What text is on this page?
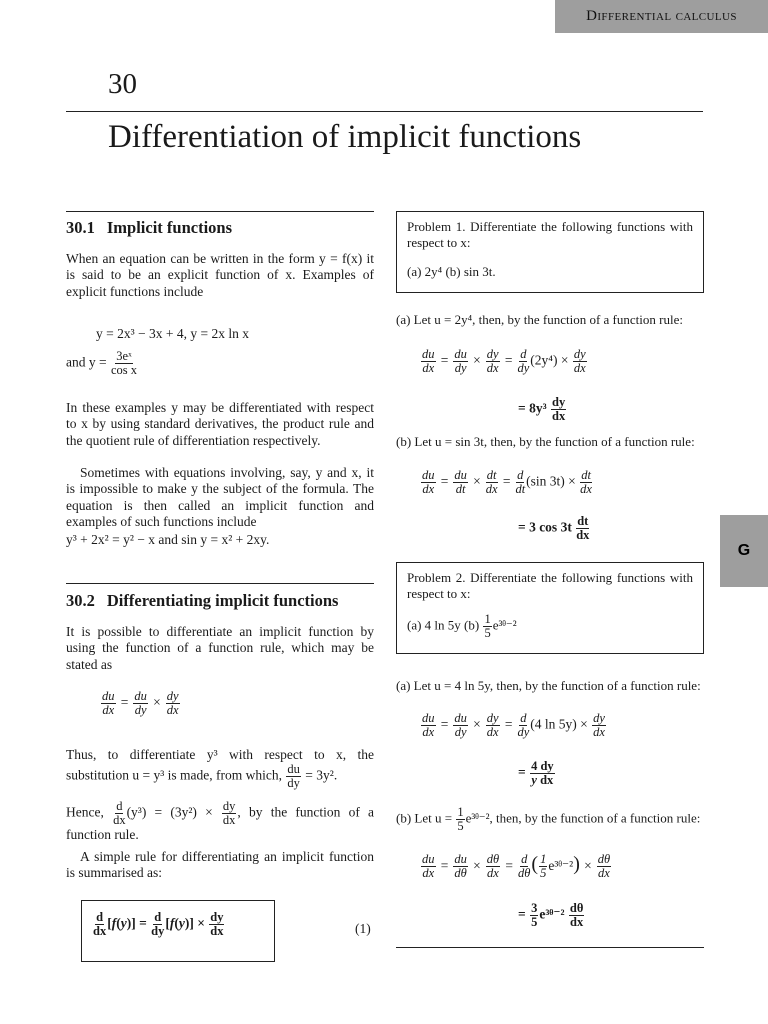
Differential calculus
30
Differentiation of implicit functions
G
30.1 Implicit functions
When an equation can be written in the form y = f(x) it is said to be an explicit function of x. Examples of explicit functions include
y = 2x³ − 3x + 4, y = 2x ln x
and $y = \frac{\text{3eˣ}}{\text{cos x}}$
In these examples y may be differentiated with respect to x by using standard derivatives, the product rule and the quotient rule of differentiation respectively.
Sometimes with equations involving, say, y and x, it is impossible to make y the subject of the formula. The equation is then called an implicit function and examples of such functions include
y³ + 2x² = y² − x and sin y = x² + 2xy.
30.2 Differentiating implicit functions
It is possible to differentiate an implicit function by using the function of a function rule, which may be stated as
$\frac{du}{dx} = \frac{du}{dy} \times \frac{dy}{dx}$
Thus, to differentiate y³ with respect to x, the substitution u = y³ is made, from which, $\frac{du}{dy} = 3y^2$.
Hence, $\frac{d}{dx} (y^3) = (3y^2) \times \frac{dy}{dx}$ , by the function of a function rule.
A simple rule for differentiating an implicit function is summarised as:
$\frac{d}{dx} [f(y)] = \frac{d}{dy} [f(y)] \times \frac{dy}{dx}$	(1)
Problem 1. Differentiate the following functions with respect to x:
(a) 2y⁴ (b) sin 3t.
(a) Let u = 2y⁴, then, by the function of a function rule:
$\frac{du}{dx} = \frac{du}{dy} \times \frac{dy}{dx} = \frac{d}{dy} (2y^4) \times \frac{dy}{dx}$
= $8y^3 \frac{dy}{dx}$
(b) Let u = sin 3t, then, by the function of a function rule:
$\frac{du}{dx} = \frac{du}{dt} \times \frac{dt}{dx} = \frac{d}{dt} (\sin$ $3t) \times \frac{dt}{dx}$
= 3 $\cos 3t \frac{dt}{dx}$
Problem 2. Differentiate the following functions with respect to x:
(a) 4 ln 5y $(b) \frac{1}{5}$ e³ᶿ⁻²
(a) Let u = 4 ln 5y, then, by the function of a function rule:
$\frac{du}{dx} = \frac{du}{dy} \times \frac{dy}{dx} = \frac{d}{dy} (4$ $\ln 5y) \times \frac{dy}{dx}$
= $\frac{4 dy}{\text{y dx}}$
(b) Let $u = \frac{1}{5}$ e³ᶿ⁻², then, by the function of a function rule:
$\frac{du}{dx} = \frac{du}{d\theta} \times \frac{d\theta}{dx} = \frac{d}{d\theta}$ ( $\frac{1}{5}$ e³ᶿ⁻²) × $\frac{d\theta}{dx}$
= $\frac{3}{5}$ e³ᶿ⁻² $\frac{d\theta}{dx}$
